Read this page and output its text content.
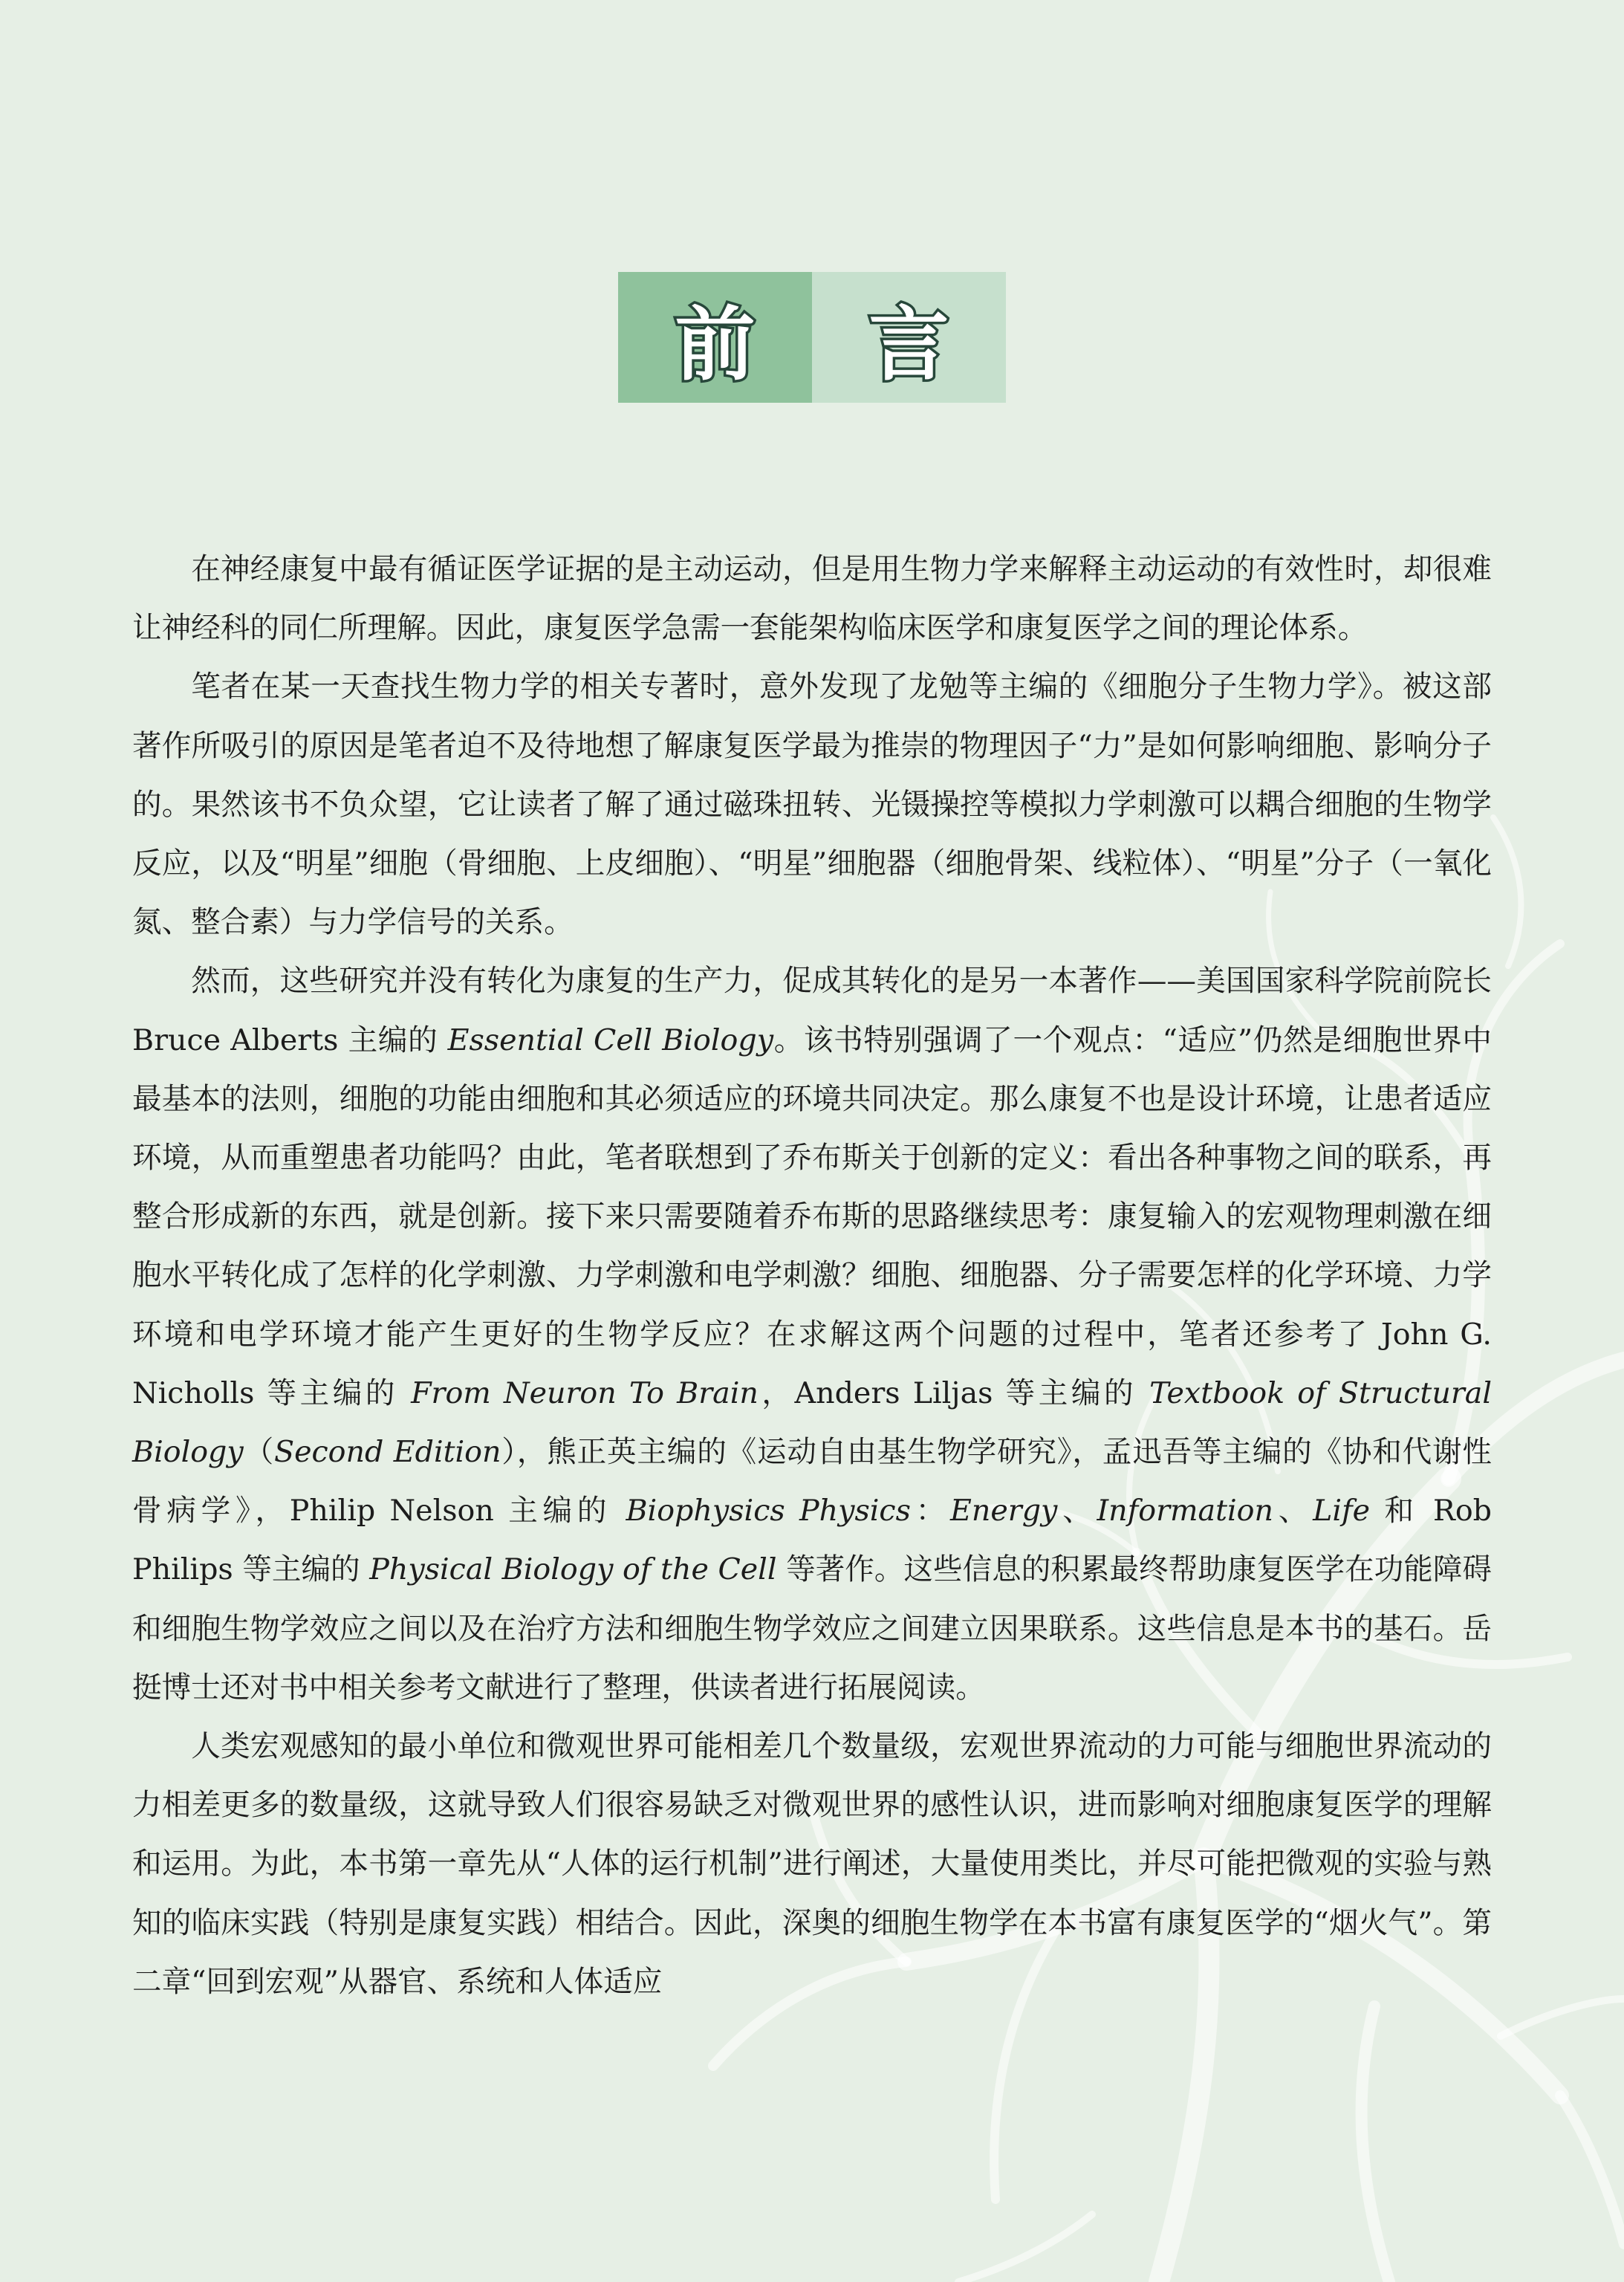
前 言

在神经康复中最有循证医学证据的是主动运动，但是用生物力学来解释主动运动的有效性时，却很难让神经科的同仁所理解。因此，康复医学急需一套能架构临床医学和康复医学之间的理论体系。

笔者在某一天查找生物力学的相关专著时，意外发现了龙勉等主编的《细胞分子生物力学》。被这部著作所吸引的原因是笔者迫不及待地想了解康复医学最为推崇的物理因子“力”是如何影响细胞、影响分子的。果然该书不负众望，它让读者了解了通过磁珠扭转、光镊操控等模拟力学刺激可以耦合细胞的生物学反应，以及“明星”细胞（骨细胞、上皮细胞）、“明星”细胞器（细胞骨架、线粒体）、“明星”分子（一氧化氮、整合素）与力学信号的关系。

然而，这些研究并没有转化为康复的生产力，促成其转化的是另一本著作——美国国家科学院前院长 Bruce Alberts 主编的 Essential Cell Biology。该书特别强调了一个观点：“适应”仍然是细胞世界中最基本的法则，细胞的功能由细胞和其必须适应的环境共同决定。那么康复不也是设计环境，让患者适应环境，从而重塑患者功能吗？由此，笔者联想到了乔布斯关于创新的定义：看出各种事物之间的联系，再整合形成新的东西，就是创新。接下来只需要随着乔布斯的思路继续思考：康复输入的宏观物理刺激在细胞水平转化成了怎样的化学刺激、力学刺激和电学刺激？细胞、细胞器、分子需要怎样的化学环境、力学环境和电学环境才能产生更好的生物学反应？在求解这两个问题的过程中，笔者还参考了 John G. Nicholls 等主编的 From Neuron To Brain，Anders Liljas 等主编的 Textbook of Structural Biology（Second Edition），熊正英主编的《运动自由基生物学研究》，孟迅吾等主编的《协和代谢性骨病学》，Philip Nelson 主编的 Biophysics Physics：Energy、Information、Life 和 Rob Philips 等主编的 Physical Biology of the Cell 等著作。这些信息的积累最终帮助康复医学在功能障碍和细胞生物学效应之间以及在治疗方法和细胞生物学效应之间建立因果联系。这些信息是本书的基石。岳挺博士还对书中相关参考文献进行了整理，供读者进行拓展阅读。

人类宏观感知的最小单位和微观世界可能相差几个数量级，宏观世界流动的力可能与细胞世界流动的力相差更多的数量级，这就导致人们很容易缺乏对微观世界的感性认识，进而影响对细胞康复医学的理解和运用。为此，本书第一章先从“人体的运行机制”进行阐述，大量使用类比，并尽可能把微观的实验与熟知的临床实践（特别是康复实践）相结合。因此，深奥的细胞生物学在本书富有康复医学的“烟火气”。第二章“回到宏观”从器官、系统和人体适应
